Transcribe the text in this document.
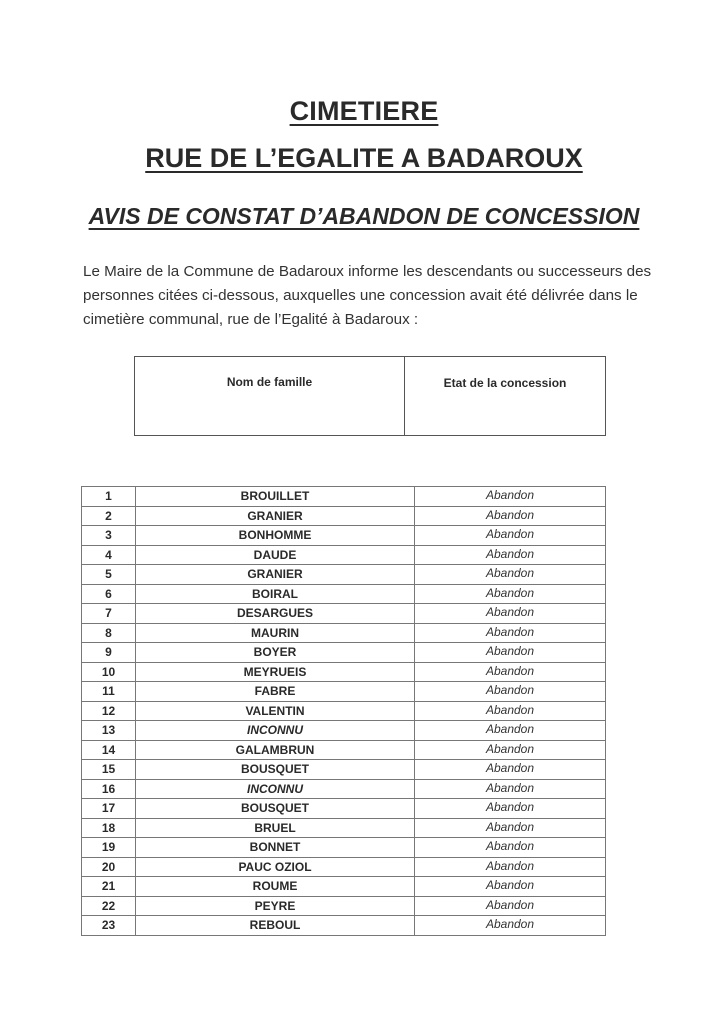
CIMETIERE
RUE DE L’EGALITE A BADAROUX
AVIS DE CONSTAT D’ABANDON DE CONCESSION
Le Maire de la Commune de Badaroux informe les descendants ou successeurs des personnes citées ci-dessous, auxquelles une concession avait été délivrée dans le cimetière communal, rue de l’Egalité à Badaroux :
Nom de famille	Etat de la concession
1	BROUILLET	Abandon
2	GRANIER	Abandon
3	BONHOMME	Abandon
4	DAUDE	Abandon
5	GRANIER	Abandon
6	BOIRAL	Abandon
7	DESARGUES	Abandon
8	MAURIN	Abandon
9	BOYER	Abandon
10	MEYRUEIS	Abandon
11	FABRE	Abandon
12	VALENTIN	Abandon
13	INCONNU	Abandon
14	GALAMBRUN	Abandon
15	BOUSQUET	Abandon
16	INCONNU	Abandon
17	BOUSQUET	Abandon
18	BRUEL	Abandon
19	BONNET	Abandon
20	PAUC OZIOL	Abandon
21	ROUME	Abandon
22	PEYRE	Abandon
23	REBOUL	Abandon
